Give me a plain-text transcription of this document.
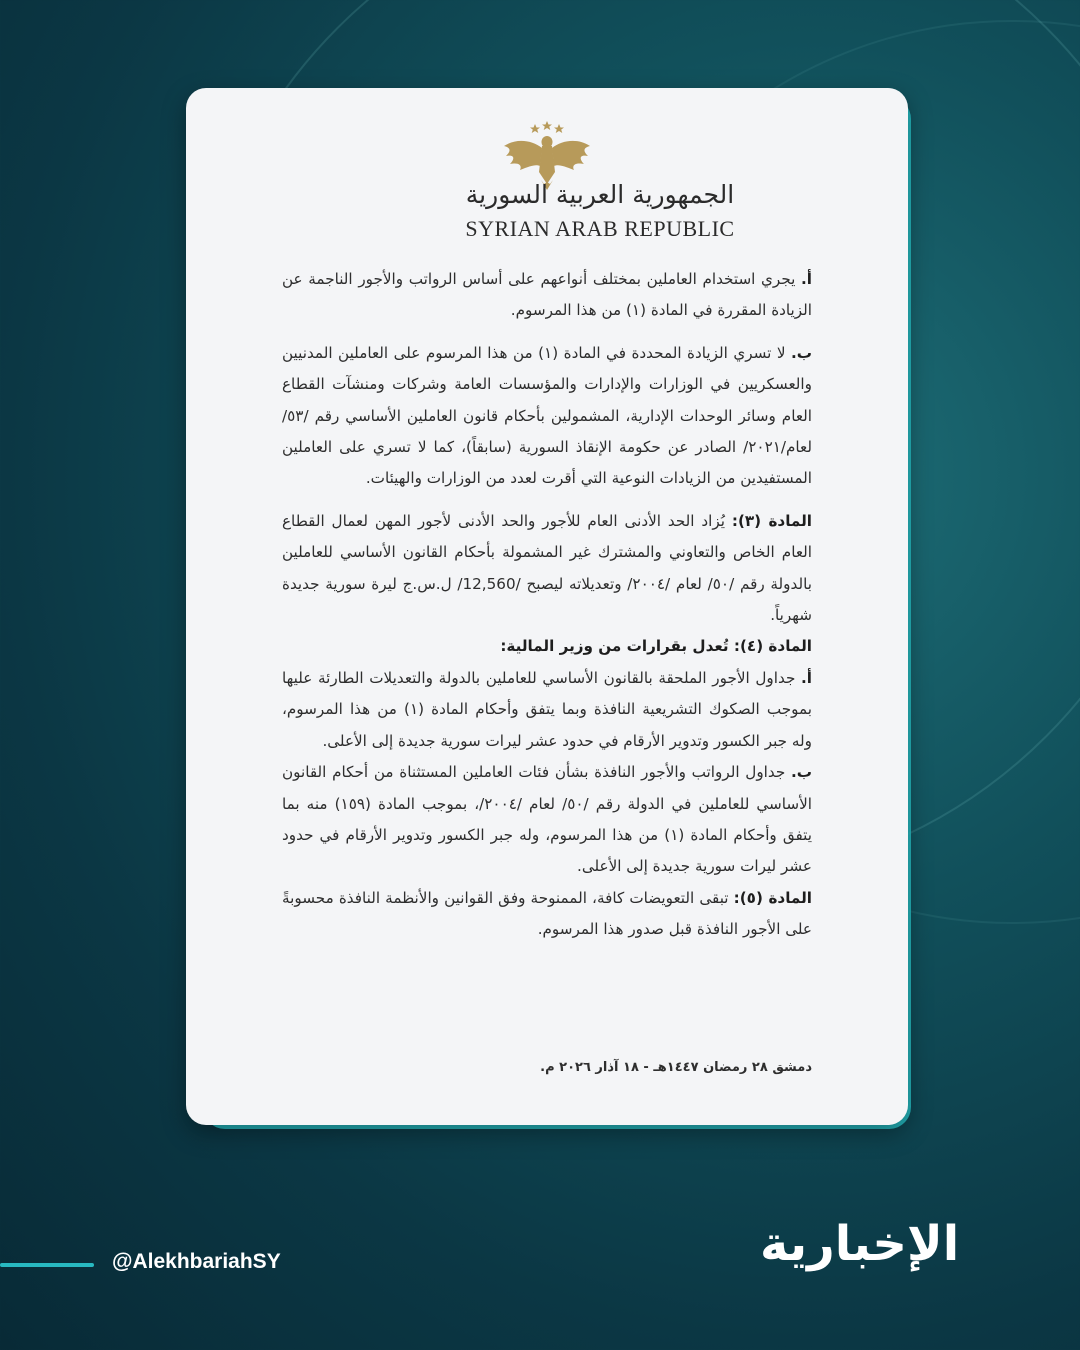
الجمهورية العربية السورية
SYRIAN ARAB REPUBLIC

أ. يجري استخدام العاملين بمختلف أنواعهم على أساس الرواتب والأجور الناجمة عن الزيادة المقررة في المادة (١) من هذا المرسوم.

ب. لا تسري الزيادة المحددة في المادة (١) من هذا المرسوم على العاملين المدنيين والعسكريين في الوزارات والإدارات والمؤسسات العامة وشركات ومنشآت القطاع العام وسائر الوحدات الإدارية، المشمولين بأحكام قانون العاملين الأساسي رقم /٥٣/لعام/٢٠٢١/ الصادر عن حكومة الإنقاذ السورية (سابقاً)، كما لا تسري على العاملين المستفيدين من الزيادات النوعية التي أقرت لعدد من الوزارات والهيئات.

المادة (٣): يُزاد الحد الأدنى العام للأجور والحد الأدنى لأجور المهن لعمال القطاع العام الخاص والتعاوني والمشترك غير المشمولة بأحكام القانون الأساسي للعاملين بالدولة رقم /٥٠/ لعام /٢٠٠٤/ وتعديلاته ليصبح /12,560/ ل.س.ج ليرة سورية جديدة شهرياً.

المادة (٤): تُعدل بقرارات من وزير المالية:

أ. جداول الأجور الملحقة بالقانون الأساسي للعاملين بالدولة والتعديلات الطارئة عليها بموجب الصكوك التشريعية النافذة وبما يتفق وأحكام المادة (١) من هذا المرسوم، وله جبر الكسور وتدوير الأرقام في حدود عشر ليرات سورية جديدة إلى الأعلى.

ب. جداول الرواتب والأجور النافذة بشأن فئات العاملين المستثناة من أحكام القانون الأساسي للعاملين في الدولة رقم /٥٠/ لعام /٢٠٠٤/، بموجب المادة (١٥٩) منه بما يتفق وأحكام المادة (١) من هذا المرسوم، وله جبر الكسور وتدوير الأرقام في حدود عشر ليرات سورية جديدة إلى الأعلى.

المادة (٥): تبقى التعويضات كافة، الممنوحة وفق القوانين والأنظمة النافذة محسوبةً على الأجور النافذة قبل صدور هذا المرسوم.

دمشق ٢٨ رمضان ١٤٤٧هـ - ١٨ آذار ٢٠٢٦ م.
@AlekhbariahSY	الإخبارية
